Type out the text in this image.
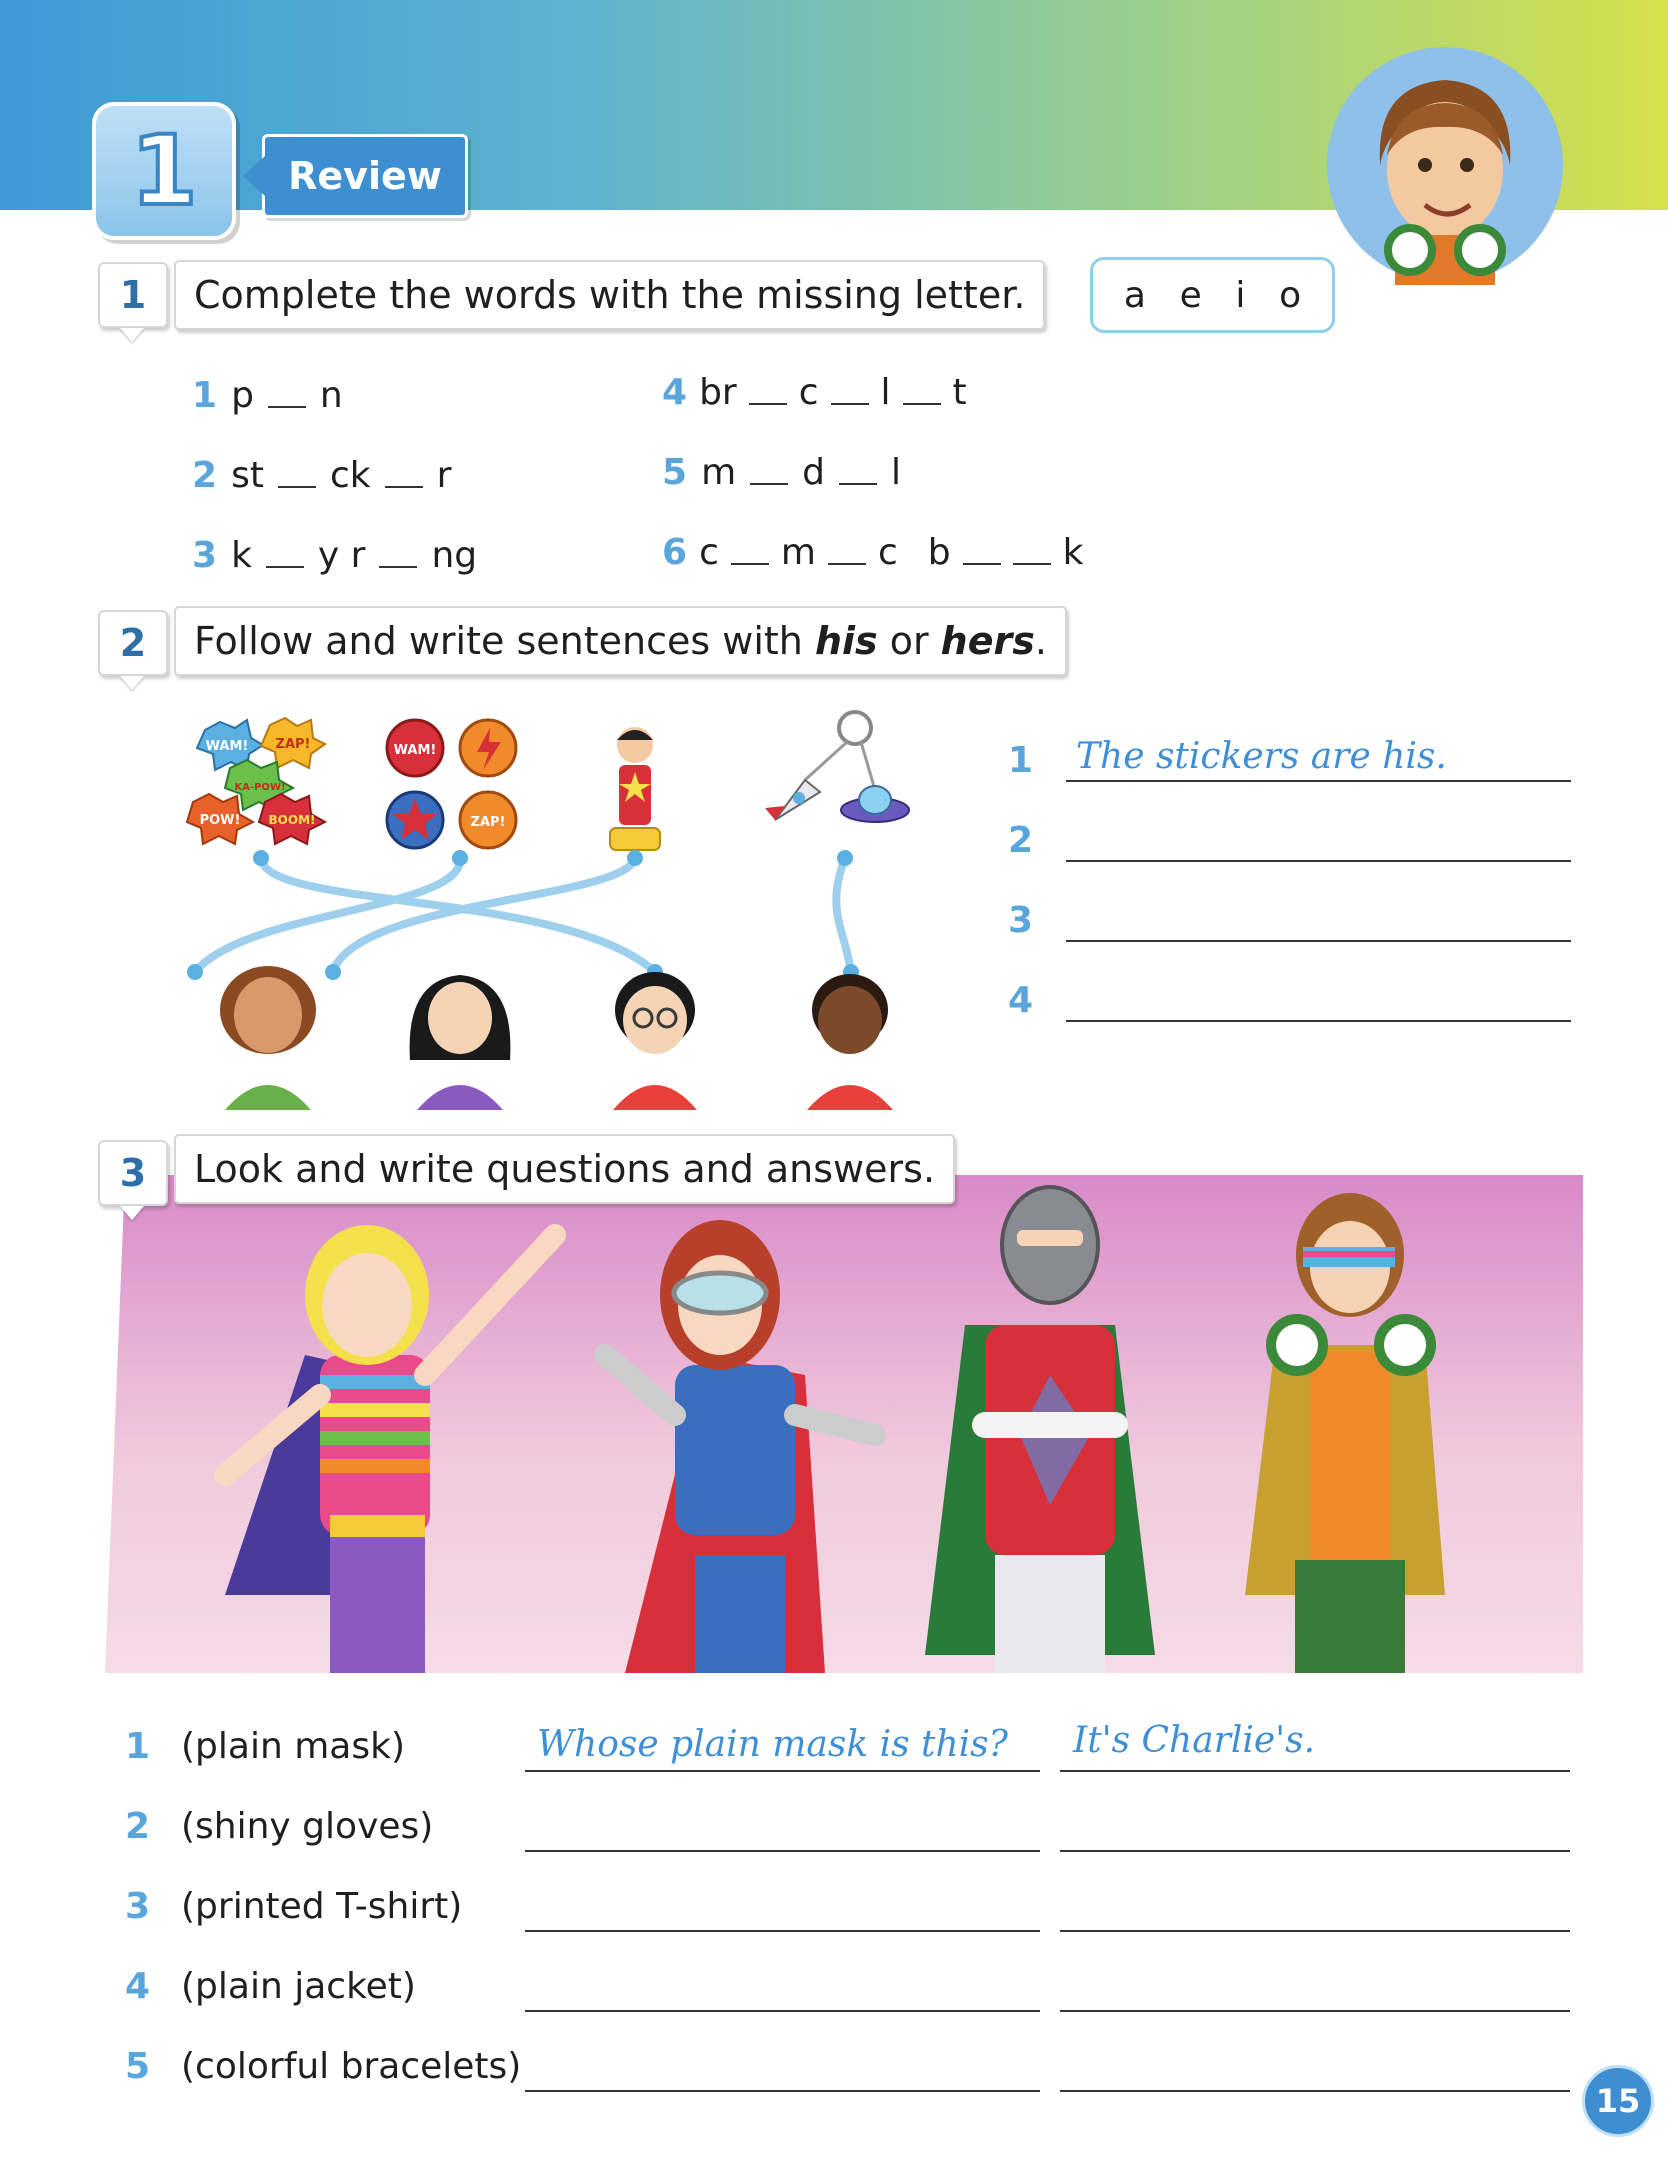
1 Review
1 Complete the words with the missing letter.	a e i o
1 p n
2 st ck r
3 k y r ng
4 br c l t
5 m d l
6 c m c b	k
2 Follow and write sentences with his or hers .
WAM! ZAP!
KA-POW!
POW! BOOM!
WAM!
ZAP!
1 The stickers are his.
2
3
4
3 Look and write questions and answers.
1 (plain mask)	Whose plain mask is this? It's Charlie's.
2 (shiny gloves)
3 (printed T-shirt)
4 (plain jacket)
5 (colorful bracelets)
15
